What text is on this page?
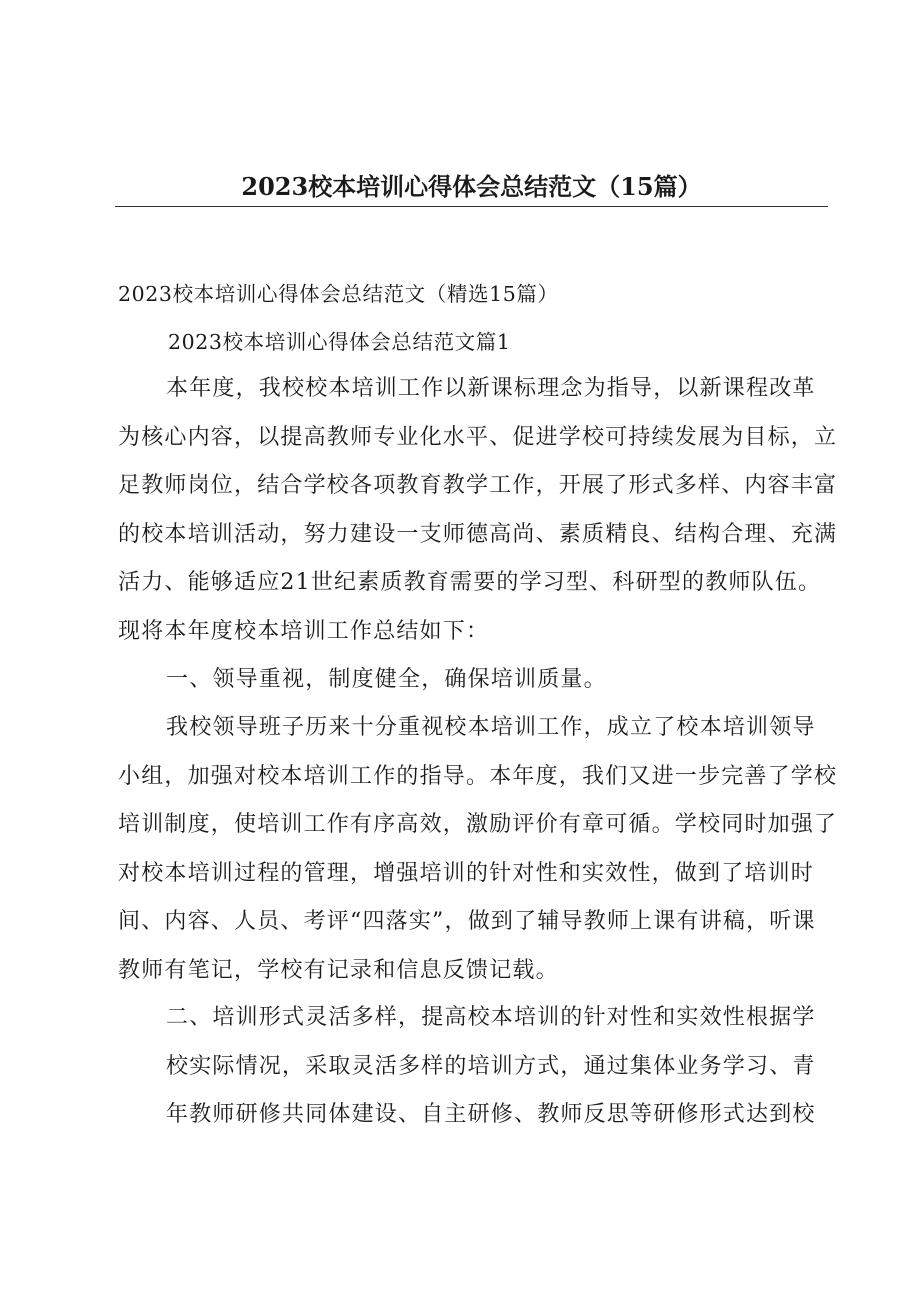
2023校本培训心得体会总结范文（15篇）

2023校本培训心得体会总结范文（精选15篇）

2023校本培训心得体会总结范文篇1

本年度，我校校本培训工作以新课标理念为指导，以新课程改革为核心内容，以提高教师专业化水平、促进学校可持续发展为目标，立足教师岗位，结合学校各项教育教学工作，开展了形式多样、内容丰富的校本培训活动，努力建设一支师德高尚、素质精良、结构合理、充满活力、能够适应21世纪素质教育需要的学习型、科研型的教师队伍。现将本年度校本培训工作总结如下：

一、领导重视，制度健全，确保培训质量。

我校领导班子历来十分重视校本培训工作，成立了校本培训领导小组，加强对校本培训工作的指导。本年度，我们又进一步完善了学校培训制度，使培训工作有序高效，激励评价有章可循。学校同时加强了对校本培训过程的管理，增强培训的针对性和实效性，做到了培训时间、内容、人员、考评“四落实”，做到了辅导教师上课有讲稿，听课教师有笔记，学校有记录和信息反馈记载。

二、培训形式灵活多样，提高校本培训的针对性和实效性根据学校实际情况，采取灵活多样的培训方式，通过集体业务学习、青年教师研修共同体建设、自主研修、教师反思等研修形式达到校
